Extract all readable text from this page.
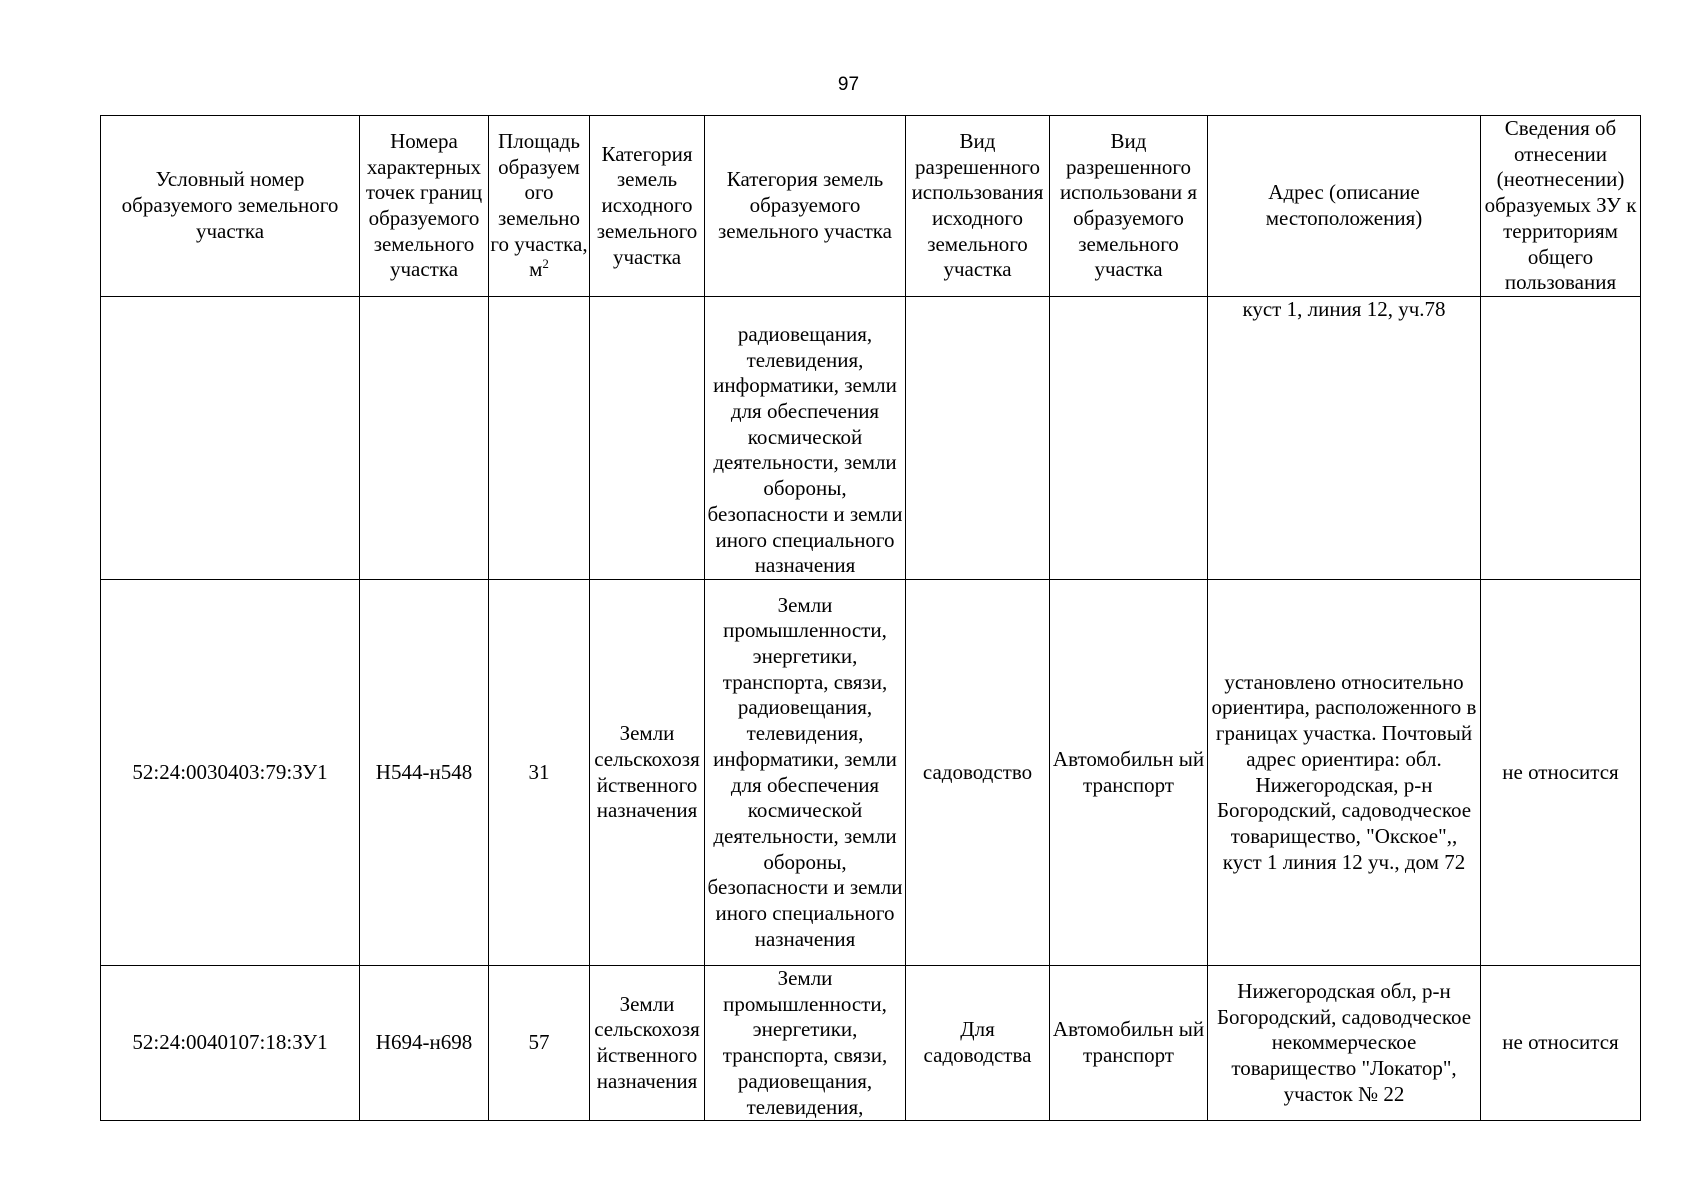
97
Условный номер образуемого земельного участка	Номера характерных точек границ образуемого земельного участка	Площадь образуем ого земельно го участка, $м^2$	Категория земель исходного земельного участка	Категория земель образуемого земельного участка	Вид разрешенного использования исходного земельного участка	Вид разрешенного использовани я образуемого земельного участка	Адрес (описание местоположения)	Сведения об отнесении (неотнесении) образуемых ЗУ к территориям общего пользования
				радиовещания, телевидения, информатики, земли для обеспечения космической деятельности, земли обороны, безопасности и земли иного специального назначения			куст 1, линия 12, уч.78	
52:24:0030403:79:ЗУ1	Н544-н548	31	Земли сельскохозя йственного назначения	Земли промышленности, энергетики, транспорта, связи, радиовещания, телевидения, информатики, земли для обеспечения космической деятельности, земли обороны, безопасности и земли иного специального назначения	садоводство	Автомобильн ый транспорт	установлено относительно ориентира, расположенного в границах участка. Почтовый адрес ориентира: обл. Нижегородская, р-н Богородский, садоводческое товарищество, "Окское",, куст 1 линия 12 уч., дом 72	не относится
52:24:0040107:18:ЗУ1	Н694-н698	57	Земли сельскохозя йственного назначения	Земли промышленности, энергетики, транспорта, связи, радиовещания, телевидения,	Для садоводства	Автомобильн ый транспорт	Нижегородская обл, р-н Богородский, садоводческое некоммерческое товарищество "Локатор", участок № 22	не относится
